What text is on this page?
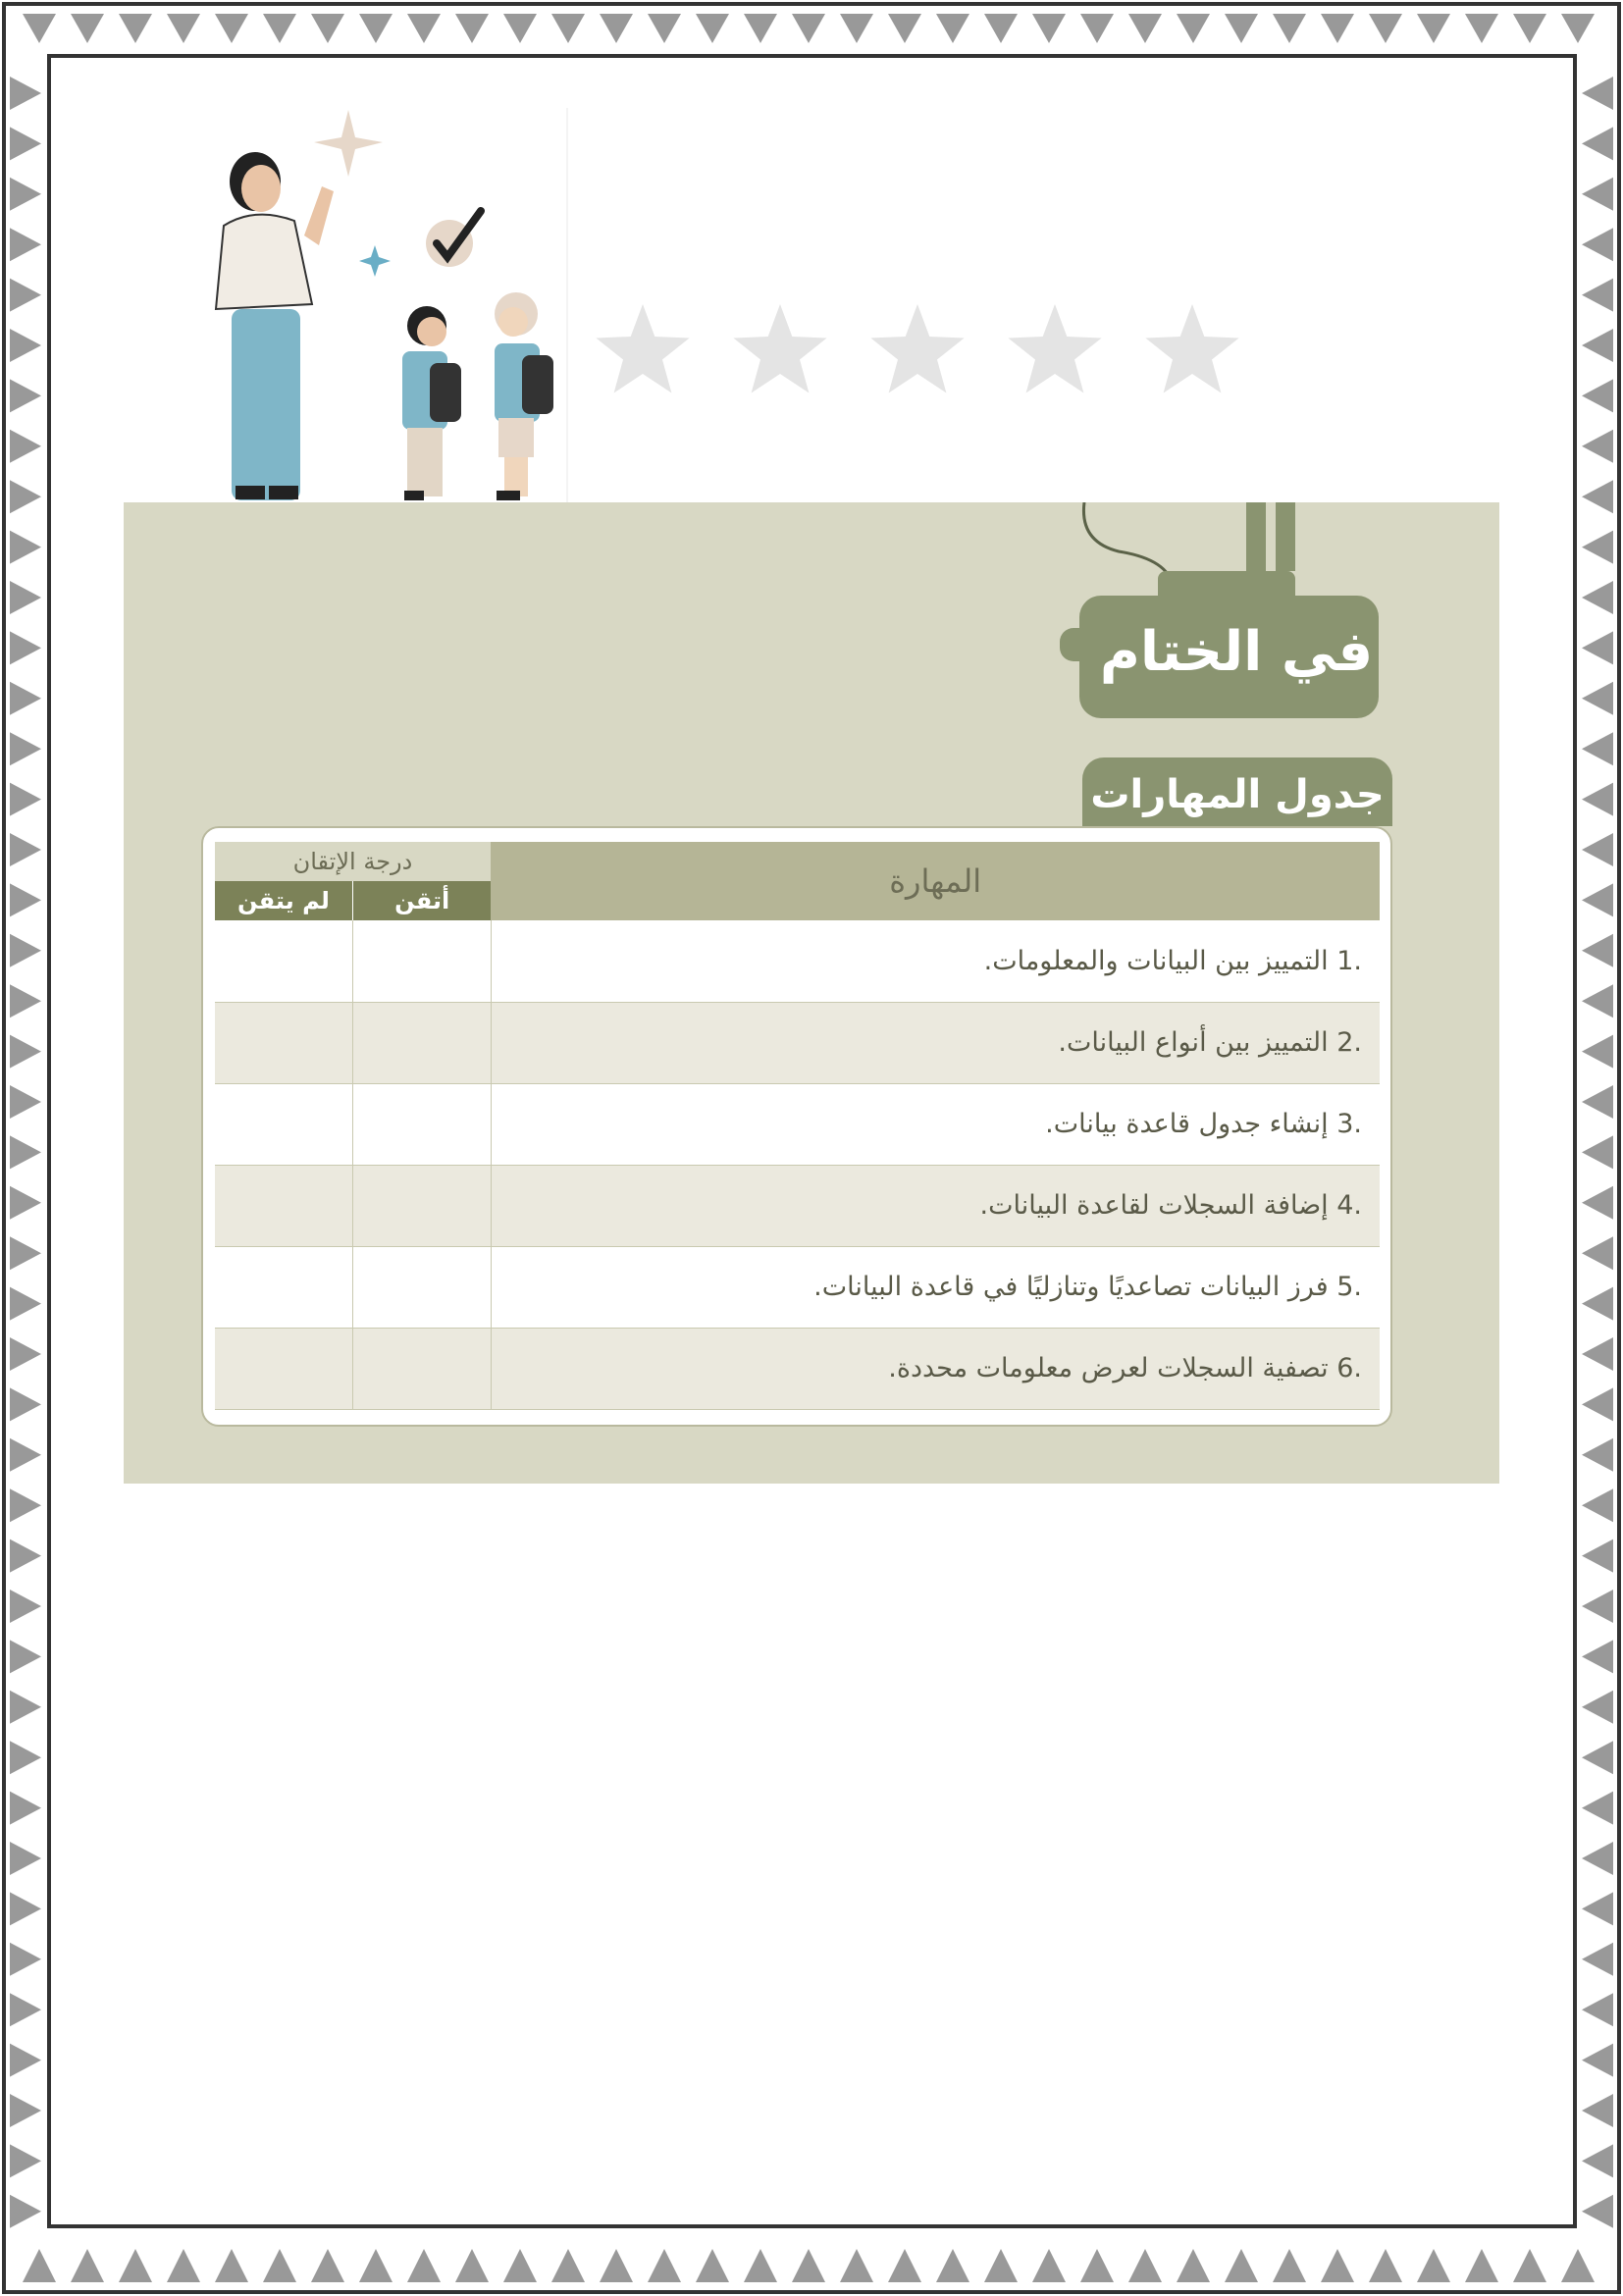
في الختام
جدول المهارات
المهارة	درجة الإتقان	
	أتقن	لم يتقن
.1 التمييز بين البيانات والمعلومات.		
.2 التمييز بين أنواع البيانات.		
.3 إنشاء جدول قاعدة بيانات.		
.4 إضافة السجلات لقاعدة البيانات.		
.5 فرز البيانات تصاعديًا وتنازليًا في قاعدة البيانات.		
.6 تصفية السجلات لعرض معلومات محددة.		
